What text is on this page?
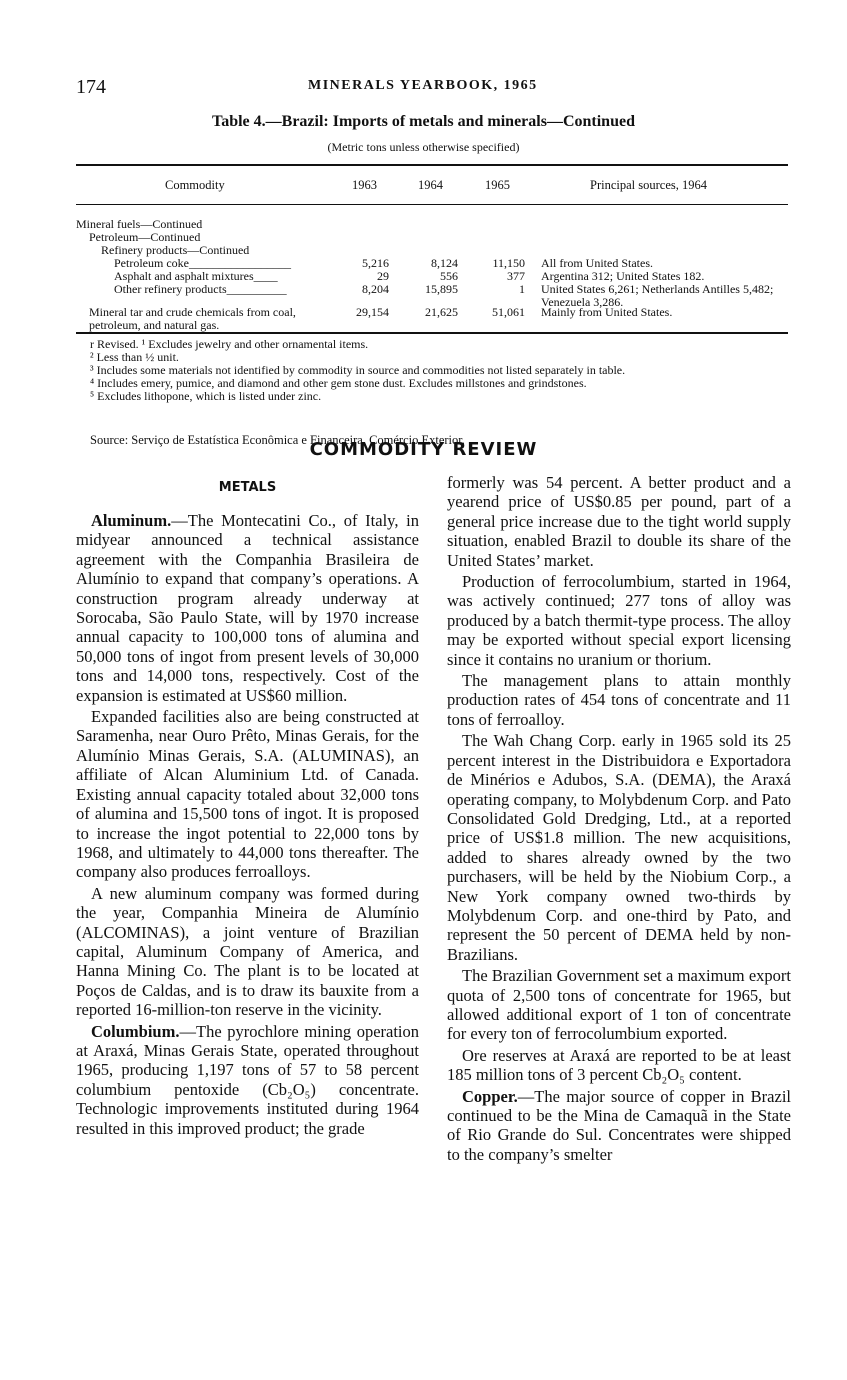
174	MINERALS YEARBOOK, 1965
Table 4.—Brazil: Imports of metals and minerals—Continued
(Metric tons unless otherwise specified)
Commodity	1963	1964	1965	Principal sources, 1964
Mineral fuels—Continued
Petroleum—Continued
Refinery products—Continued
Petroleum coke_________________	5,216	8,124	11,150 All from United States.
Asphalt and asphalt mixtures____	29	556	377 Argentina 312; United States 182.
Other refinery products__________	8,204	15,895	1 United States 6,261; Netherlands Antilles 5,482; Venezuela 3,286.
Mineral tar and crude chemicals from coal, petroleum, and natural gas.
29,154	21,625	51,061 Mainly from United States.
r Revised. ¹ Excludes jewelry and other ornamental items.
² Less than ½ unit.
³ Includes some materials not identified by commodity in source and commodities not listed separately in table.
⁴ Includes emery, pumice, and diamond and other gem stone dust. Excludes millstones and grindstones.
⁵ Excludes lithopone, which is listed under zinc.
Source: Serviço de Estatística Econômica e Financeira, Comércio Exterior.
COMMODITY REVIEW
METALS

Aluminum.—The Montecatini Co., of Italy, in midyear announced a technical assistance agreement with the Companhia Brasileira de Alumínio to expand that company’s operations. A construction program already underway at Sorocaba, São Paulo State, will by 1970 increase annual capacity to 100,000 tons of alumina and 50,000 tons of ingot from present levels of 30,000 tons and 14,000 tons, respectively. Cost of the expansion is estimated at US$60 million.

Expanded facilities also are being constructed at Saramenha, near Ouro Prêto, Minas Gerais, for the Alumínio Minas Gerais, S.A. (ALUMINAS), an affiliate of Alcan Aluminium Ltd. of Canada. Existing annual capacity totaled about 32,000 tons of alumina and 15,500 tons of ingot. It is proposed to increase the ingot potential to 22,000 tons by 1968, and ultimately to 44,000 tons thereafter. The company also produces ferroalloys.

A new aluminum company was formed during the year, Companhia Mineira de Alumínio (ALCOMINAS), a joint venture of Brazilian capital, Aluminum Company of America, and Hanna Mining Co. The plant is to be located at Poços de Caldas, and is to draw its bauxite from a reported 16-million-ton reserve in the vicinity.

Columbium.—The pyrochlore mining operation at Araxá, Minas Gerais State, operated throughout 1965, producing 1,197 tons of 57 to 58 percent columbium pentoxide (Cb₂O₅) concentrate. Technologic improvements instituted during 1964 resulted in this improved product; the grade

formerly was 54 percent. A better product and a yearend price of US$0.85 per pound, part of a general price increase due to the tight world supply situation, enabled Brazil to double its share of the United States’ market.

Production of ferrocolumbium, started in 1964, was actively continued; 277 tons of alloy was produced by a batch thermit-type process. The alloy may be exported without special export licensing since it contains no uranium or thorium.

The management plans to attain monthly production rates of 454 tons of concentrate and 11 tons of ferroalloy.

The Wah Chang Corp. early in 1965 sold its 25 percent interest in the Distribuidora e Exportadora de Minérios e Adubos, S.A. (DEMA), the Araxá operating company, to Molybdenum Corp. and Pato Consolidated Gold Dredging, Ltd., at a reported price of US$1.8 million. The new acquisitions, added to shares already owned by the two purchasers, will be held by the Niobium Corp., a New York company owned two-thirds by Molybdenum Corp. and one-third by Pato, and represent the 50 percent of DEMA held by non-Brazilians.

The Brazilian Government set a maximum export quota of 2,500 tons of concentrate for 1965, but allowed additional export of 1 ton of concentrate for every ton of ferrocolumbium exported.

Ore reserves at Araxá are reported to be at least 185 million tons of 3 percent Cb₂O₅ content.

Copper.—The major source of copper in Brazil continued to be the Mina de Camaquã in the State of Rio Grande do Sul. Concentrates were shipped to the company’s smelter
